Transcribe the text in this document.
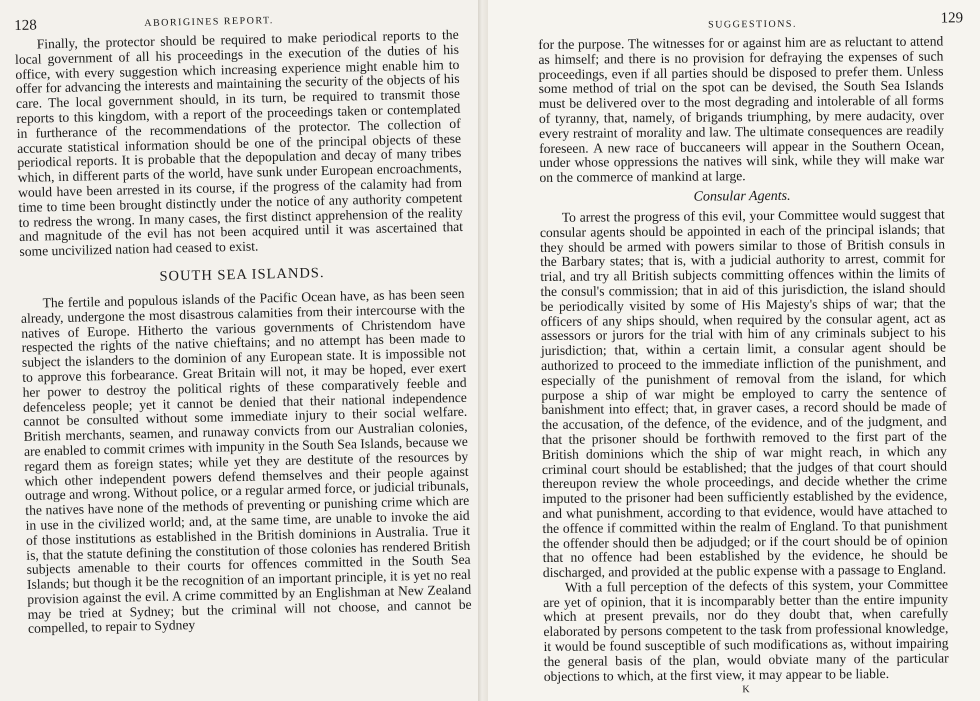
128	ABORIGINES REPORT.

Finally, the protector should be required to make periodical reports to the local government of all his proceedings in the execution of the duties of his office, with every suggestion which increasing experience might enable him to offer for advancing the interests and maintaining the security of the objects of his care. The local government should, in its turn, be required to transmit those reports to this kingdom, with a report of the proceedings taken or contemplated in furtherance of the recommendations of the protector. The collection of accurate statistical information should be one of the principal objects of these periodical reports. It is probable that the depopulation and decay of many tribes which, in different parts of the world, have sunk under European encroachments, would have been arrested in its course, if the progress of the calamity had from time to time been brought distinctly under the notice of any authority competent to redress the wrong. In many cases, the first distinct apprehension of the reality and magnitude of the evil has not been acquired until it was ascertained that some uncivilized nation had ceased to exist.

SOUTH SEA ISLANDS.

The fertile and populous islands of the Pacific Ocean have, as has been seen already, undergone the most disastrous calamities from their intercourse with the natives of Europe. Hitherto the various governments of Christendom have respected the rights of the native chieftains; and no attempt has been made to subject the islanders to the dominion of any European state. It is impossible not to approve this forbearance. Great Britain will not, it may be hoped, ever exert her power to destroy the political rights of these comparatively feeble and defenceless people; yet it cannot be denied that their national independence cannot be consulted without some immediate injury to their social welfare. British merchants, seamen, and runaway convicts from our Australian colonies, are enabled to commit crimes with impunity in the South Sea Islands, because we regard them as foreign states; while yet they are destitute of the resources by which other independent powers defend themselves and their people against outrage and wrong. Without police, or a regular armed force, or judicial tribunals, the natives have none of the methods of preventing or punishing crime which are in use in the civilized world; and, at the same time, are unable to invoke the aid of those institutions as established in the British dominions in Australia. True it is, that the statute defining the constitution of those colonies has rendered British subjects amenable to their courts for offences committed in the South Sea Islands; but though it be the recognition of an important principle, it is yet no real provision against the evil. A crime committed by an Englishman at New Zealand may be tried at Sydney; but the criminal will not choose, and cannot be compelled, to repair to Sydney

SUGGESTIONS.	129

for the purpose. The witnesses for or against him are as reluctant to attend as himself; and there is no provision for defraying the expenses of such proceedings, even if all parties should be disposed to prefer them. Unless some method of trial on the spot can be devised, the South Sea Islands must be delivered over to the most degrading and intolerable of all forms of tyranny, that, namely, of brigands triumphing, by mere audacity, over every restraint of morality and law. The ultimate consequences are readily foreseen. A new race of buccaneers will appear in the Southern Ocean, under whose oppressions the natives will sink, while they will make war on the commerce of mankind at large.

Consular Agents.

To arrest the progress of this evil, your Committee would suggest that consular agents should be appointed in each of the principal islands; that they should be armed with powers similar to those of British consuls in the Barbary states; that is, with a judicial authority to arrest, commit for trial, and try all British subjects committing offences within the limits of the consul's commission; that in aid of this jurisdiction, the island should be periodically visited by some of His Majesty's ships of war; that the officers of any ships should, when required by the consular agent, act as assessors or jurors for the trial with him of any criminals subject to his jurisdiction; that, within a certain limit, a consular agent should be authorized to proceed to the immediate infliction of the punishment, and especially of the punishment of removal from the island, for which purpose a ship of war might be employed to carry the sentence of banishment into effect; that, in graver cases, a record should be made of the accusation, of the defence, of the evidence, and of the judgment, and that the prisoner should be forthwith removed to the first part of the British dominions which the ship of war might reach, in which any criminal court should be established; that the judges of that court should thereupon review the whole proceedings, and decide whether the crime imputed to the prisoner had been sufficiently established by the evidence, and what punishment, according to that evidence, would have attached to the offence if committed within the realm of England. To that punishment the offender should then be adjudged; or if the court should be of opinion that no offence had been established by the evidence, he should be discharged, and provided at the public expense with a passage to England.

With a full perception of the defects of this system, your Committee are yet of opinion, that it is incomparably better than the entire impunity which at present prevails, nor do they doubt that, when carefully elaborated by persons competent to the task from professional knowledge, it would be found susceptible of such modifications as, without impairing the general basis of the plan, would obviate many of the particular objections to which, at the first view, it may appear to be liable.

K
